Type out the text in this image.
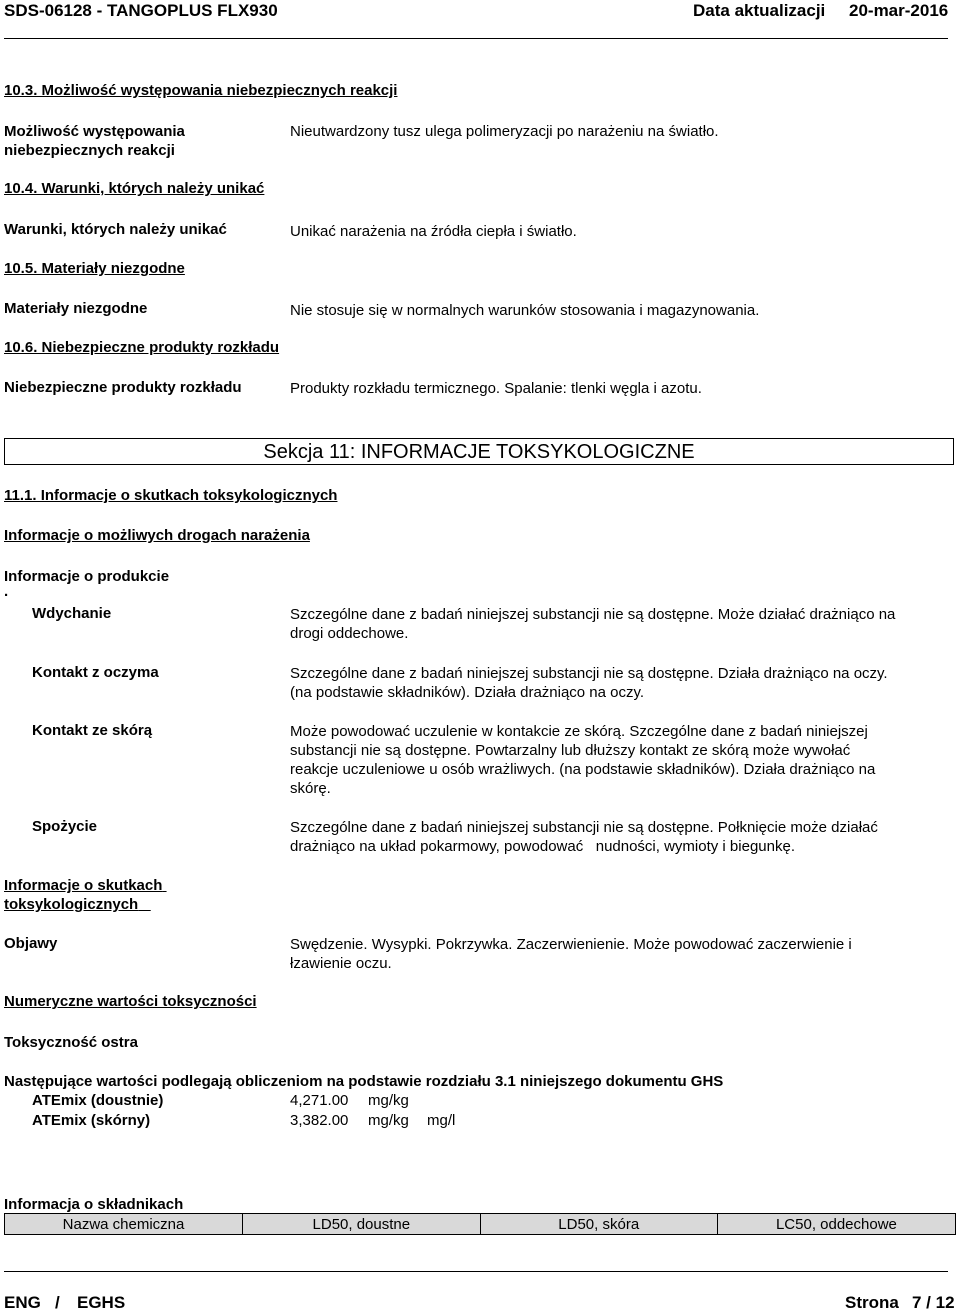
SDS-06128 - TANGOPLUS FLX930	Data aktualizacji 20-mar-2016
10.3. Możliwość występowania niebezpiecznych reakcji
Możliwość występowania
niebezpiecznych reakcji
Nieutwardzony tusz ulega polimeryzacji po narażeniu na światło.
10.4. Warunki, których należy unikać
Warunki, których należy unikać	Unikać narażenia na źródła ciepła i światło.
10.5. Materiały niezgodne
Materiały niezgodne	Nie stosuje się w normalnych warunków stosowania i magazynowania.
10.6. Niebezpieczne produkty rozkładu
Niebezpieczne produkty rozkładu	Produkty rozkładu termicznego. Spalanie: tlenki węgla i azotu.
Sekcja 11: INFORMACJE TOKSYKOLOGICZNE
11.1. Informacje o skutkach toksykologicznych
Informacje o możliwych drogach narażenia
Informacje o produkcie
.
Wdychanie	Szczególne dane z badań niniejszej substancji nie są dostępne. Może działać drażniąco na
drogi oddechowe.
Kontakt z oczyma	Szczególne dane z badań niniejszej substancji nie są dostępne. Działa drażniąco na oczy.
(na podstawie składników). Działa drażniąco na oczy.
Kontakt ze skórą	Może powodować uczulenie w kontakcie ze skórą. Szczególne dane z badań niniejszej
substancji nie są dostępne. Powtarzalny lub dłuższy kontakt ze skórą może wywołać
reakcje uczuleniowe u osób wrażliwych. (na podstawie składników). Działa drażniąco na
skórę.
Spożycie	Szczególne dane z badań niniejszej substancji nie są dostępne. Połknięcie może działać
drażniąco na układ pokarmowy, powodować   nudności, wymioty i biegunkę.
Informacje o skutkach
toksykologicznych
Objawy	Swędzenie. Wysypki. Pokrzywka. Zaczerwienienie. Może powodować zaczerwienie i
łzawienie oczu.
Numeryczne wartości toksyczności
Toksyczność ostra
Następujące wartości podlegają obliczeniom na podstawie rozdziału 3.1 niniejszego dokumentu GHS
ATEmix (doustnie)	4,271.00 mg/kg
ATEmix (skórny)	3,382.00 mg/kg mg/l
Informacja o składnikach
Nazwa chemiczna	LD50, doustne	LD50, skóra	LC50, oddechowe
ENG / EGHS	Strona 7 / 12
